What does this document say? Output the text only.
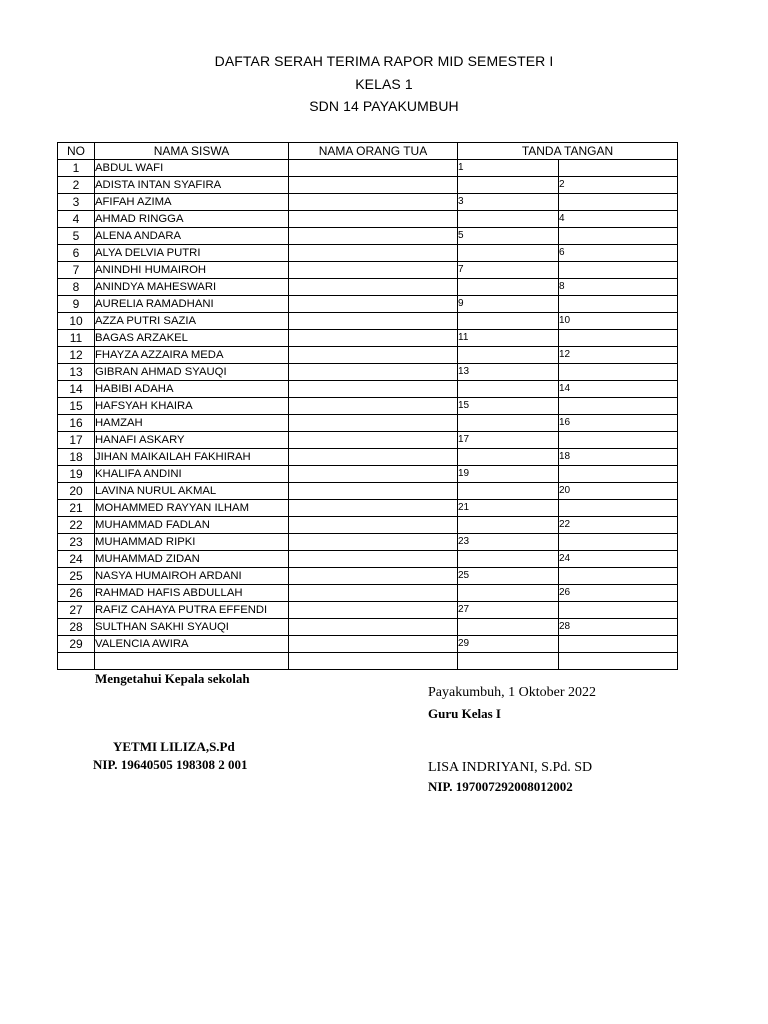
DAFTAR SERAH TERIMA RAPOR MID SEMESTER I
KELAS 1
SDN 14 PAYAKUMBUH
NO	NAMA SISWA	NAMA ORANG TUA	TANDA TANGAN	
1	ABDUL WAFI		1	
2	ADISTA INTAN SYAFIRA			2
3	AFIFAH AZIMA		3	
4	AHMAD RINGGA			4
5	ALENA ANDARA		5	
6	ALYA DELVIA PUTRI			6
7	ANINDHI HUMAIROH		7	
8	ANINDYA MAHESWARI			8
9	AURELIA RAMADHANI		9	
10	AZZA PUTRI SAZIA			10
11	BAGAS ARZAKEL		11	
12	FHAYZA AZZAIRA MEDA			12
13	GIBRAN AHMAD SYAUQI		13	
14	HABIBI ADAHA			14
15	HAFSYAH KHAIRA		15	
16	HAMZAH			16
17	HANAFI ASKARY		17	
18	JIHAN MAIKAILAH FAKHIRAH			18
19	KHALIFA ANDINI		19	
20	LAVINA NURUL AKMAL			20
21	MOHAMMED RAYYAN ILHAM		21	
22	MUHAMMAD FADLAN			22
23	MUHAMMAD RIPKI		23	
24	MUHAMMAD ZIDAN			24
25	NASYA HUMAIROH ARDANI		25	
26	RAHMAD HAFIS ABDULLAH			26
27	RAFIZ CAHAYA PUTRA EFFENDI		27	
28	SULTHAN SAKHI SYAUQI			28
29	VALENCIA AWIRA		29	

Mengetahui Kepala sekolah
YETMI LILIZA,S.Pd
NIP. 19640505 198308 2 001
Payakumbuh, 1 Oktober 2022
Guru Kelas I
LISA INDRIYANI, S.Pd. SD
NIP. 197007292008012002
